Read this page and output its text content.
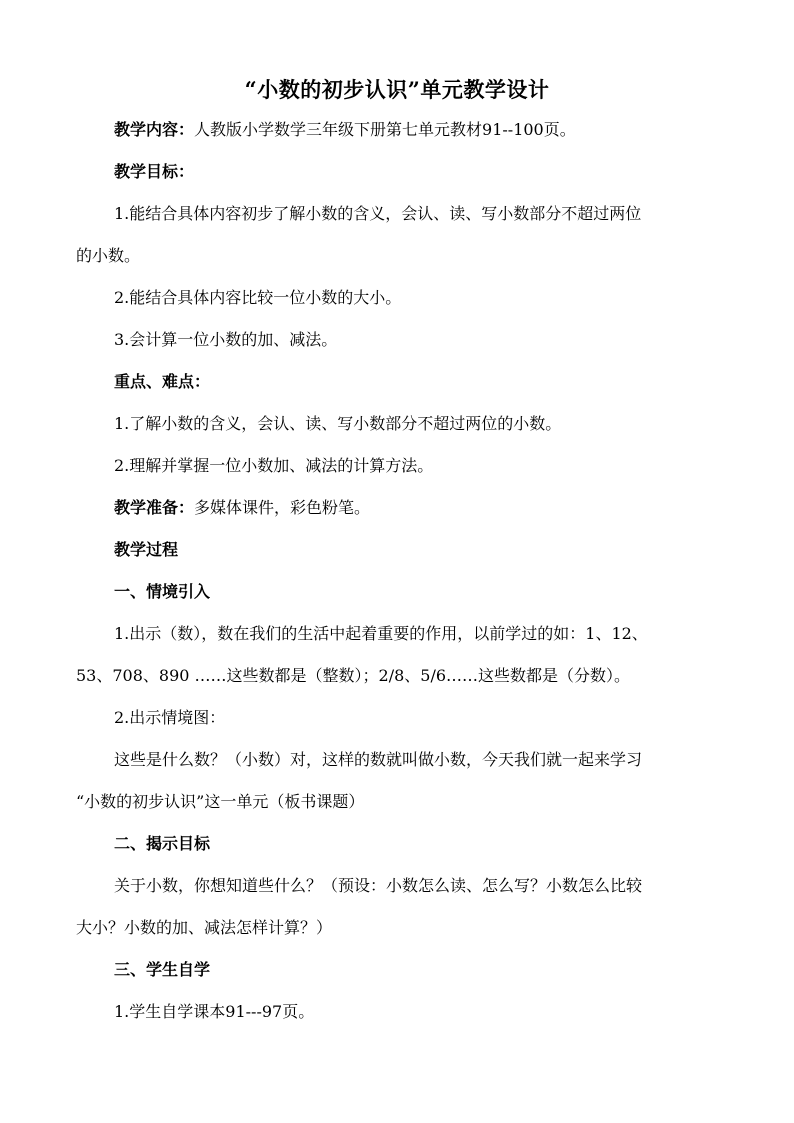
“小数的初步认识”单元教学设计
教学内容：人教版小学数学三年级下册第七单元教材91--100页。
教学目标：
1.能结合具体内容初步了解小数的含义，会认、读、写小数部分不超过两位
的小数。
2.能结合具体内容比较一位小数的大小。
3.会计算一位小数的加、减法。
重点、难点：
1.了解小数的含义，会认、读、写小数部分不超过两位的小数。
2.理解并掌握一位小数加、减法的计算方法。
教学准备：多媒体课件，彩色粉笔。
教学过程
一、情境引入
1.出示（数），数在我们的生活中起着重要的作用，以前学过的如：1、12、
53、708、890 ……这些数都是（整数）；2/8、5/6……这些数都是（分数）。
2.出示情境图：
这些是什么数？（小数）对，这样的数就叫做小数，今天我们就一起来学习
“小数的初步认识”这一单元（板书课题）
二、揭示目标
关于小数，你想知道些什么？（预设：小数怎么读、怎么写？小数怎么比较
大小？小数的加、减法怎样计算？）
三、学生自学
1.学生自学课本91---97页。
